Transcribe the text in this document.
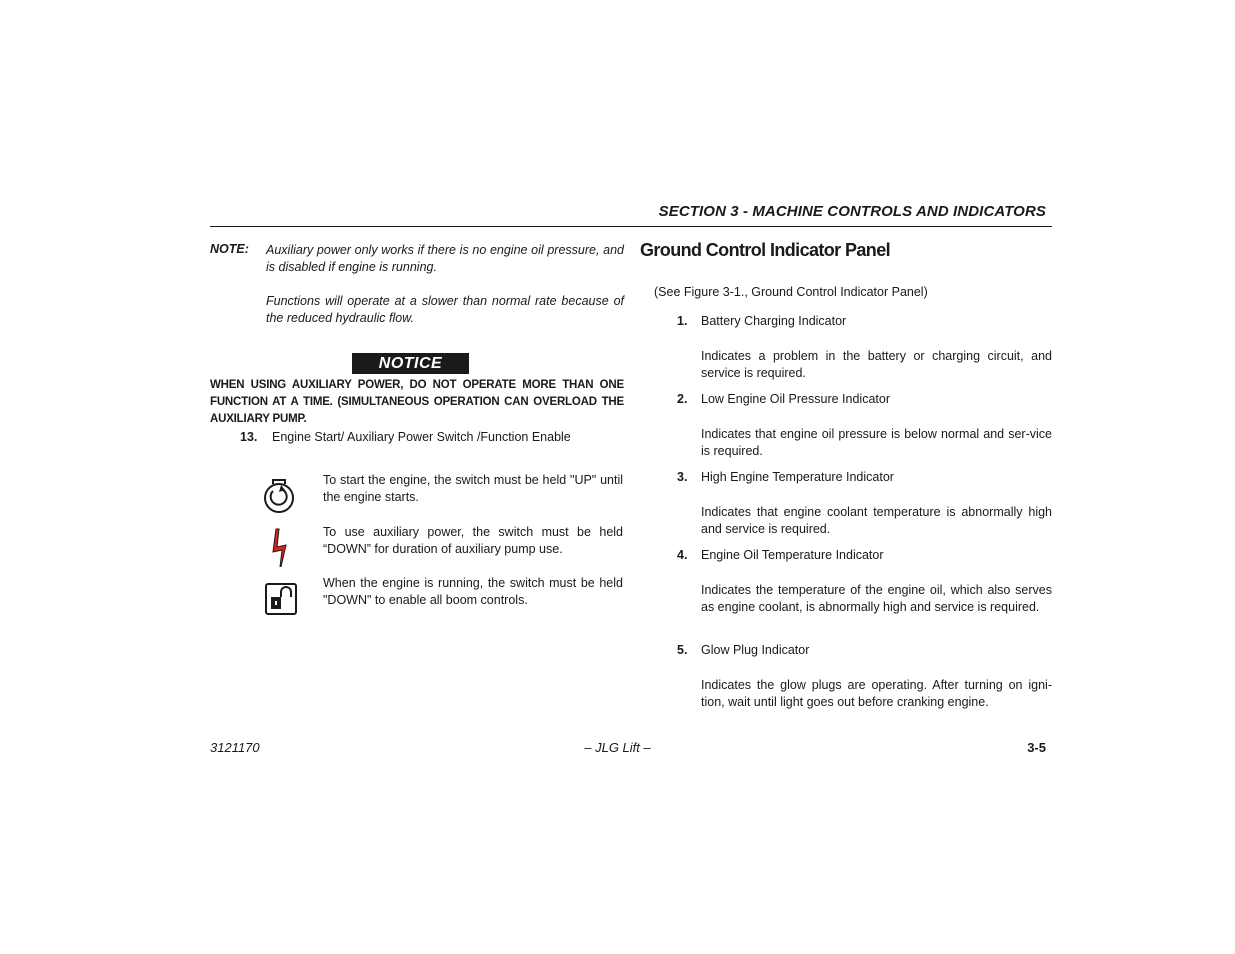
SECTION 3 - MACHINE CONTROLS AND INDICATORS
NOTE: Auxiliary power only works if there is no engine oil pressure, and is disabled if engine is running.
Functions will operate at a slower than normal rate because of the reduced hydraulic flow.
NOTICE
WHEN USING AUXILIARY POWER, DO NOT OPERATE MORE THAN ONE FUNCTION AT A TIME. (SIMULTANEOUS OPERATION CAN OVERLOAD THE AUXILIARY PUMP.
13. Engine Start/ Auxiliary Power Switch /Function Enable
To start the engine, the switch must be held "UP" until the engine starts.
To use auxiliary power, the switch must be held “DOWN” for duration of auxiliary pump use.
When the engine is running, the switch must be held "DOWN" to enable all boom controls.
Ground Control Indicator Panel
(See Figure 3-1., Ground Control Indicator Panel)
1. Battery Charging Indicator
Indicates a problem in the battery or charging circuit, and service is required.
2. Low Engine Oil Pressure Indicator
Indicates that engine oil pressure is below normal and ser-vice is required.
3. High Engine Temperature Indicator
Indicates that engine coolant temperature is abnormally high and service is required.
4. Engine Oil Temperature Indicator
Indicates the temperature of the engine oil, which also serves as engine coolant, is abnormally high and service is required.
5. Glow Plug Indicator
Indicates the glow plugs are operating. After turning on igni-tion, wait until light goes out before cranking engine.
3121170	– JLG Lift –	3-5
